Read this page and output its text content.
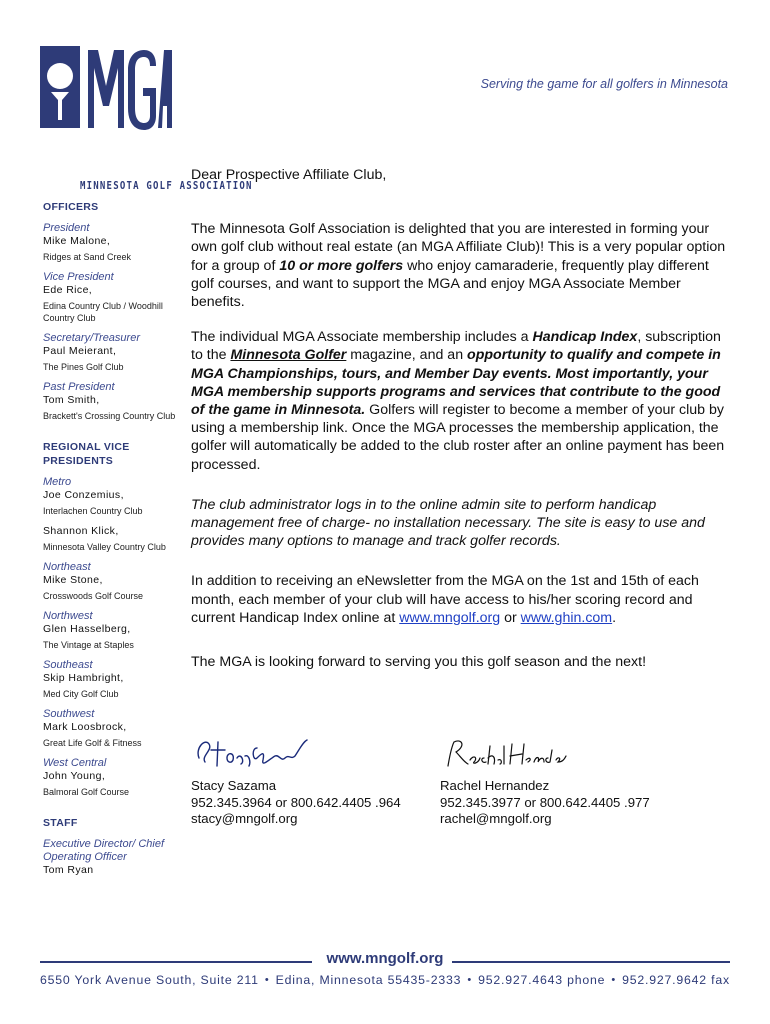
MINNESOTA GOLF ASSOCIATION
Serving the game for all golfers in Minnesota
OFFICERS
President
Mike Malone,
Ridges at Sand Creek
Vice President
Ede Rice,
Edina Country Club / Woodhill Country Club
Secretary/Treasurer
Paul Meierant,
The Pines Golf Club
Past President
Tom Smith,
Brackett's Crossing Country Club
REGIONAL VICE PRESIDENTS
Metro
Joe Conzemius,
Interlachen Country Club
Shannon Klick,
Minnesota Valley Country Club
Northeast
Mike Stone,
Crosswoods Golf Course
Northwest
Glen Hasselberg,
The Vintage at Staples
Southeast
Skip Hambright,
Med City Golf Club
Southwest
Mark Loosbrock,
Great Life Golf & Fitness
West Central
John Young,
Balmoral Golf Course
STAFF
Executive Director/ Chief Operating Officer
Tom Ryan
Dear Prospective Affiliate Club,

The Minnesota Golf Association is delighted that you are interested in forming your own golf club without real estate (an MGA Affiliate Club)! This is a very popular option for a group of 10 or more golfers who enjoy camaraderie, frequently play different golf courses, and want to support the MGA and enjoy MGA Associate Member benefits.

The individual MGA Associate membership includes a Handicap Index, subscription to the Minnesota Golfer magazine, and an opportunity to qualify and compete in MGA Championships, tours, and Member Day events. Most importantly, your MGA membership supports programs and services that contribute to the good of the game in Minnesota. Golfers will register to become a member of your club by using a membership link. Once the MGA processes the membership application, the golfer will automatically be added to the club roster after an online payment has been processed.

The club administrator logs in to the online admin site to perform handicap management free of charge- no installation necessary. The site is easy to use and provides many options to manage and track golfer records.

In addition to receiving an eNewsletter from the MGA on the 1st and 15th of each month, each member of your club will have access to his/her scoring record and current Handicap Index online at www.mngolf.org or www.ghin.com.

The MGA is looking forward to serving you this golf season and the next!

Stacy Sazama
952.345.3964 or 800.642.4405 .964
stacy@mngolf.org
Rachel Hernandez
952.345.3977 or 800.642.4405 .977
rachel@mngolf.org
www.mngolf.org
6550 York Avenue South, Suite 211 • Edina, Minnesota 55435-2333 • 952.927.4643 phone • 952.927.9642 fax
